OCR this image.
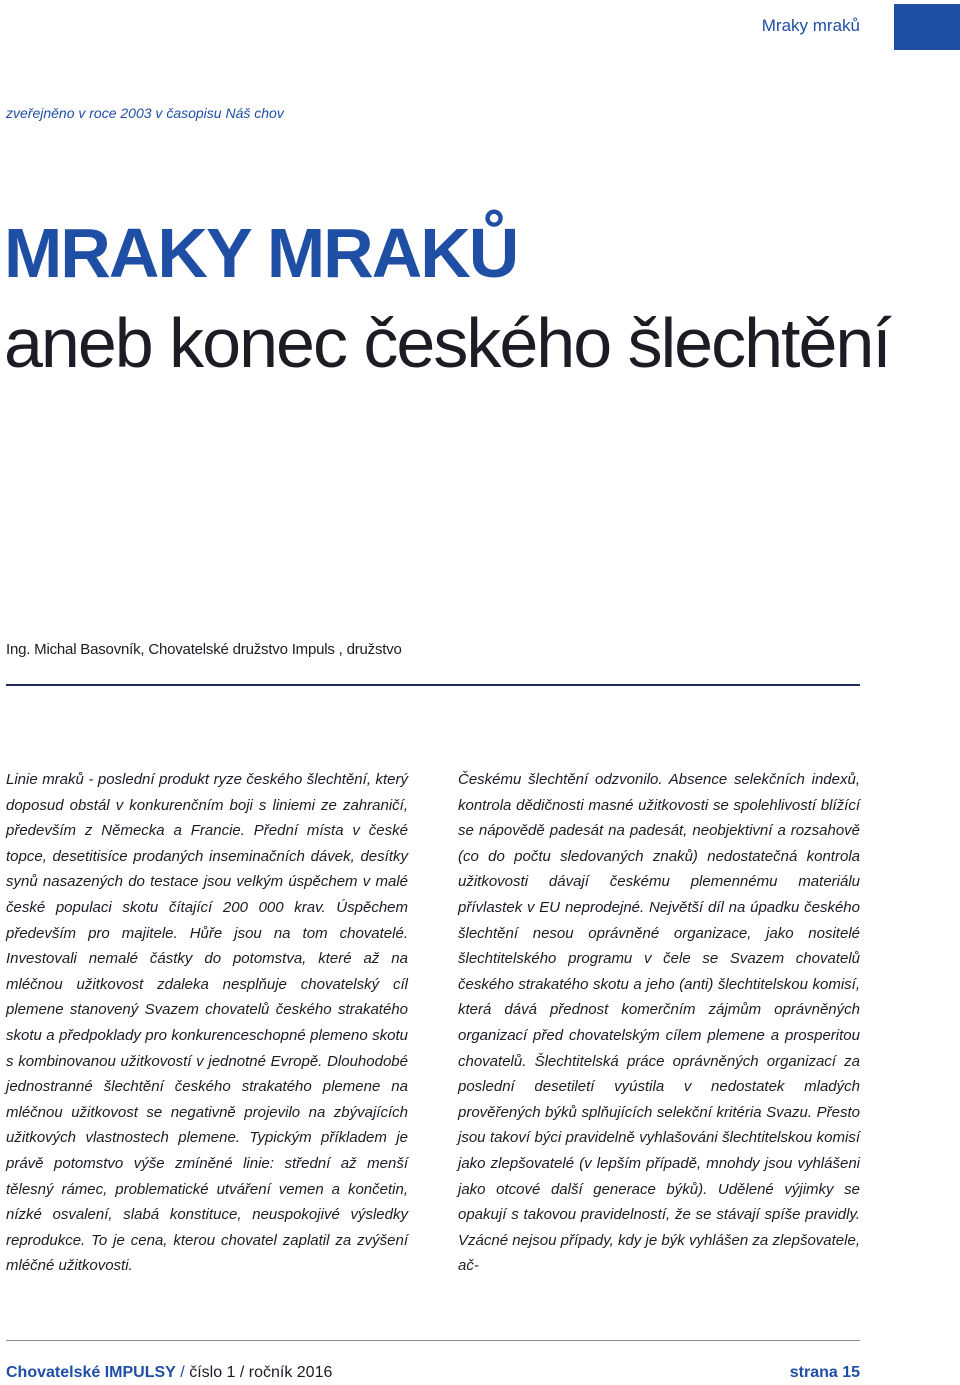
Mraky mraků
zveřejněno v roce 2003 v časopisu Náš chov
MRAKY MRAKŮ
aneb konec českého šlechtění
Ing. Michal Basovník, Chovatelské družstvo Impuls , družstvo

Linie mraků - poslední produkt ryze českého šlechtění, který doposud obstál v konkurenčním boji s liniemi ze zahraničí, především z Německa a Francie. Přední místa v české topce, desetitisíce prodaných inseminačních dávek, desítky synů nasazených do testace jsou velkým úspěchem v malé české populaci skotu čítající 200 000 krav. Úspěchem především pro majitele. Hůře jsou na tom chovatelé. Investovali nemalé částky do potomstva, které až na mléčnou užitkovost zdaleka nesplňuje chovatelský cíl plemene stanovený Svazem chovatelů českého strakatého skotu a předpoklady pro konkurenceschopné plemeno skotu s kombinovanou užitkovostí v jednotné Evropě. Dlouhodobé jednostranné šlechtění českého strakatého plemene na mléčnou užitkovost se negativně projevilo na zbývajících užitkových vlastnostech plemene. Typickým příkladem je právě potomstvo výše zmíněné linie: střední až menší tělesný rámec, problematické utváření vemen a končetin, nízké osvalení, slabá konstituce, neuspokojivé výsledky reprodukce. To je cena, kterou chovatel zaplatil za zvýšení mléčné užitkovosti.

Českému šlechtění odzvonilo. Absence selekčních indexů, kontrola dědičnosti masné užitkovosti se spolehlivostí blížící se nápovědě padesát na padesát, neobjektivní a rozsahově (co do počtu sledovaných znaků) nedostatečná kontrola užitkovosti dávají českému plemennému materiálu přívlastek v EU neprodejné. Největší díl na úpadku českého šlechtění nesou oprávněné organizace, jako nositelé šlechtitelského programu v čele se Svazem chovatelů českého strakatého skotu a jeho (anti) šlechtitelskou komisí, která dává přednost komerčním zájmům oprávněných organizací před chovatelským cílem plemene a prosperitou chovatelů. Šlechtitelská práce oprávněných organizací za poslední desetiletí vyústila v nedostatek mladých prověřených býků splňujících selekční kritéria Svazu. Přesto jsou takoví býci pravidelně vyhlašováni šlechtitelskou komisí jako zlepšovatelé (v lepším případě, mnohdy jsou vyhlášeni jako otcové další generace býků). Udělené výjimky se opakují s takovou pravidelností, že se stávají spíše pravidly. Vzácné nejsou případy, kdy je býk vyhlášen za zlepšovatele, ač-

Chovatelské IMPULSY / číslo 1 / ročník 2016	strana 15
